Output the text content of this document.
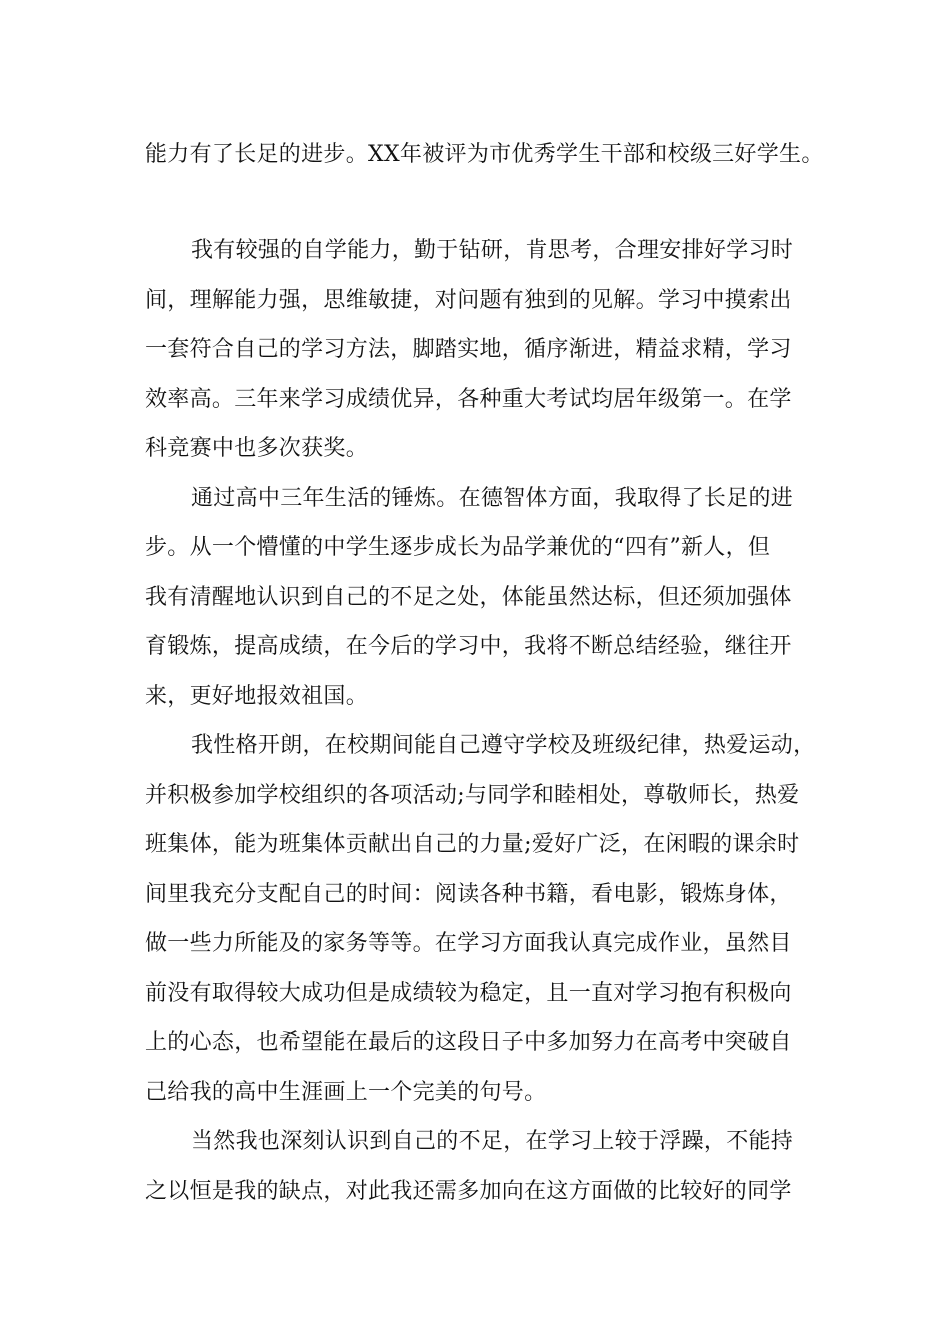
能力有了长足的进步。XX年被评为市优秀学生干部和校级三好学生。

我有较强的自学能力，勤于钻研，肯思考，合理安排好学习时
间，理解能力强，思维敏捷，对问题有独到的见解。学习中摸索出
一套符合自己的学习方法，脚踏实地，循序渐进，精益求精，学习
效率高。三年来学习成绩优异，各种重大考试均居年级第一。在学
科竞赛中也多次获奖。

通过高中三年生活的锤炼。在德智体方面，我取得了长足的进
步。从一个懵懂的中学生逐步成长为品学兼优的“四有”新人，但
我有清醒地认识到自己的不足之处，体能虽然达标，但还须加强体
育锻炼，提高成绩，在今后的学习中，我将不断总结经验，继往开
来，更好地报效祖国。

我性格开朗，在校期间能自己遵守学校及班级纪律，热爱运动，
并积极参加学校组织的各项活动;与同学和睦相处，尊敬师长，热爱
班集体，能为班集体贡献出自己的力量;爱好广泛，在闲暇的课余时
间里我充分支配自己的时间：阅读各种书籍，看电影，锻炼身体，
做一些力所能及的家务等等。在学习方面我认真完成作业，虽然目
前没有取得较大成功但是成绩较为稳定，且一直对学习抱有积极向
上的心态，也希望能在最后的这段日子中多加努力在高考中突破自
己给我的高中生涯画上一个完美的句号。

当然我也深刻认识到自己的不足，在学习上较于浮躁，不能持
之以恒是我的缺点，对此我还需多加向在这方面做的比较好的同学
